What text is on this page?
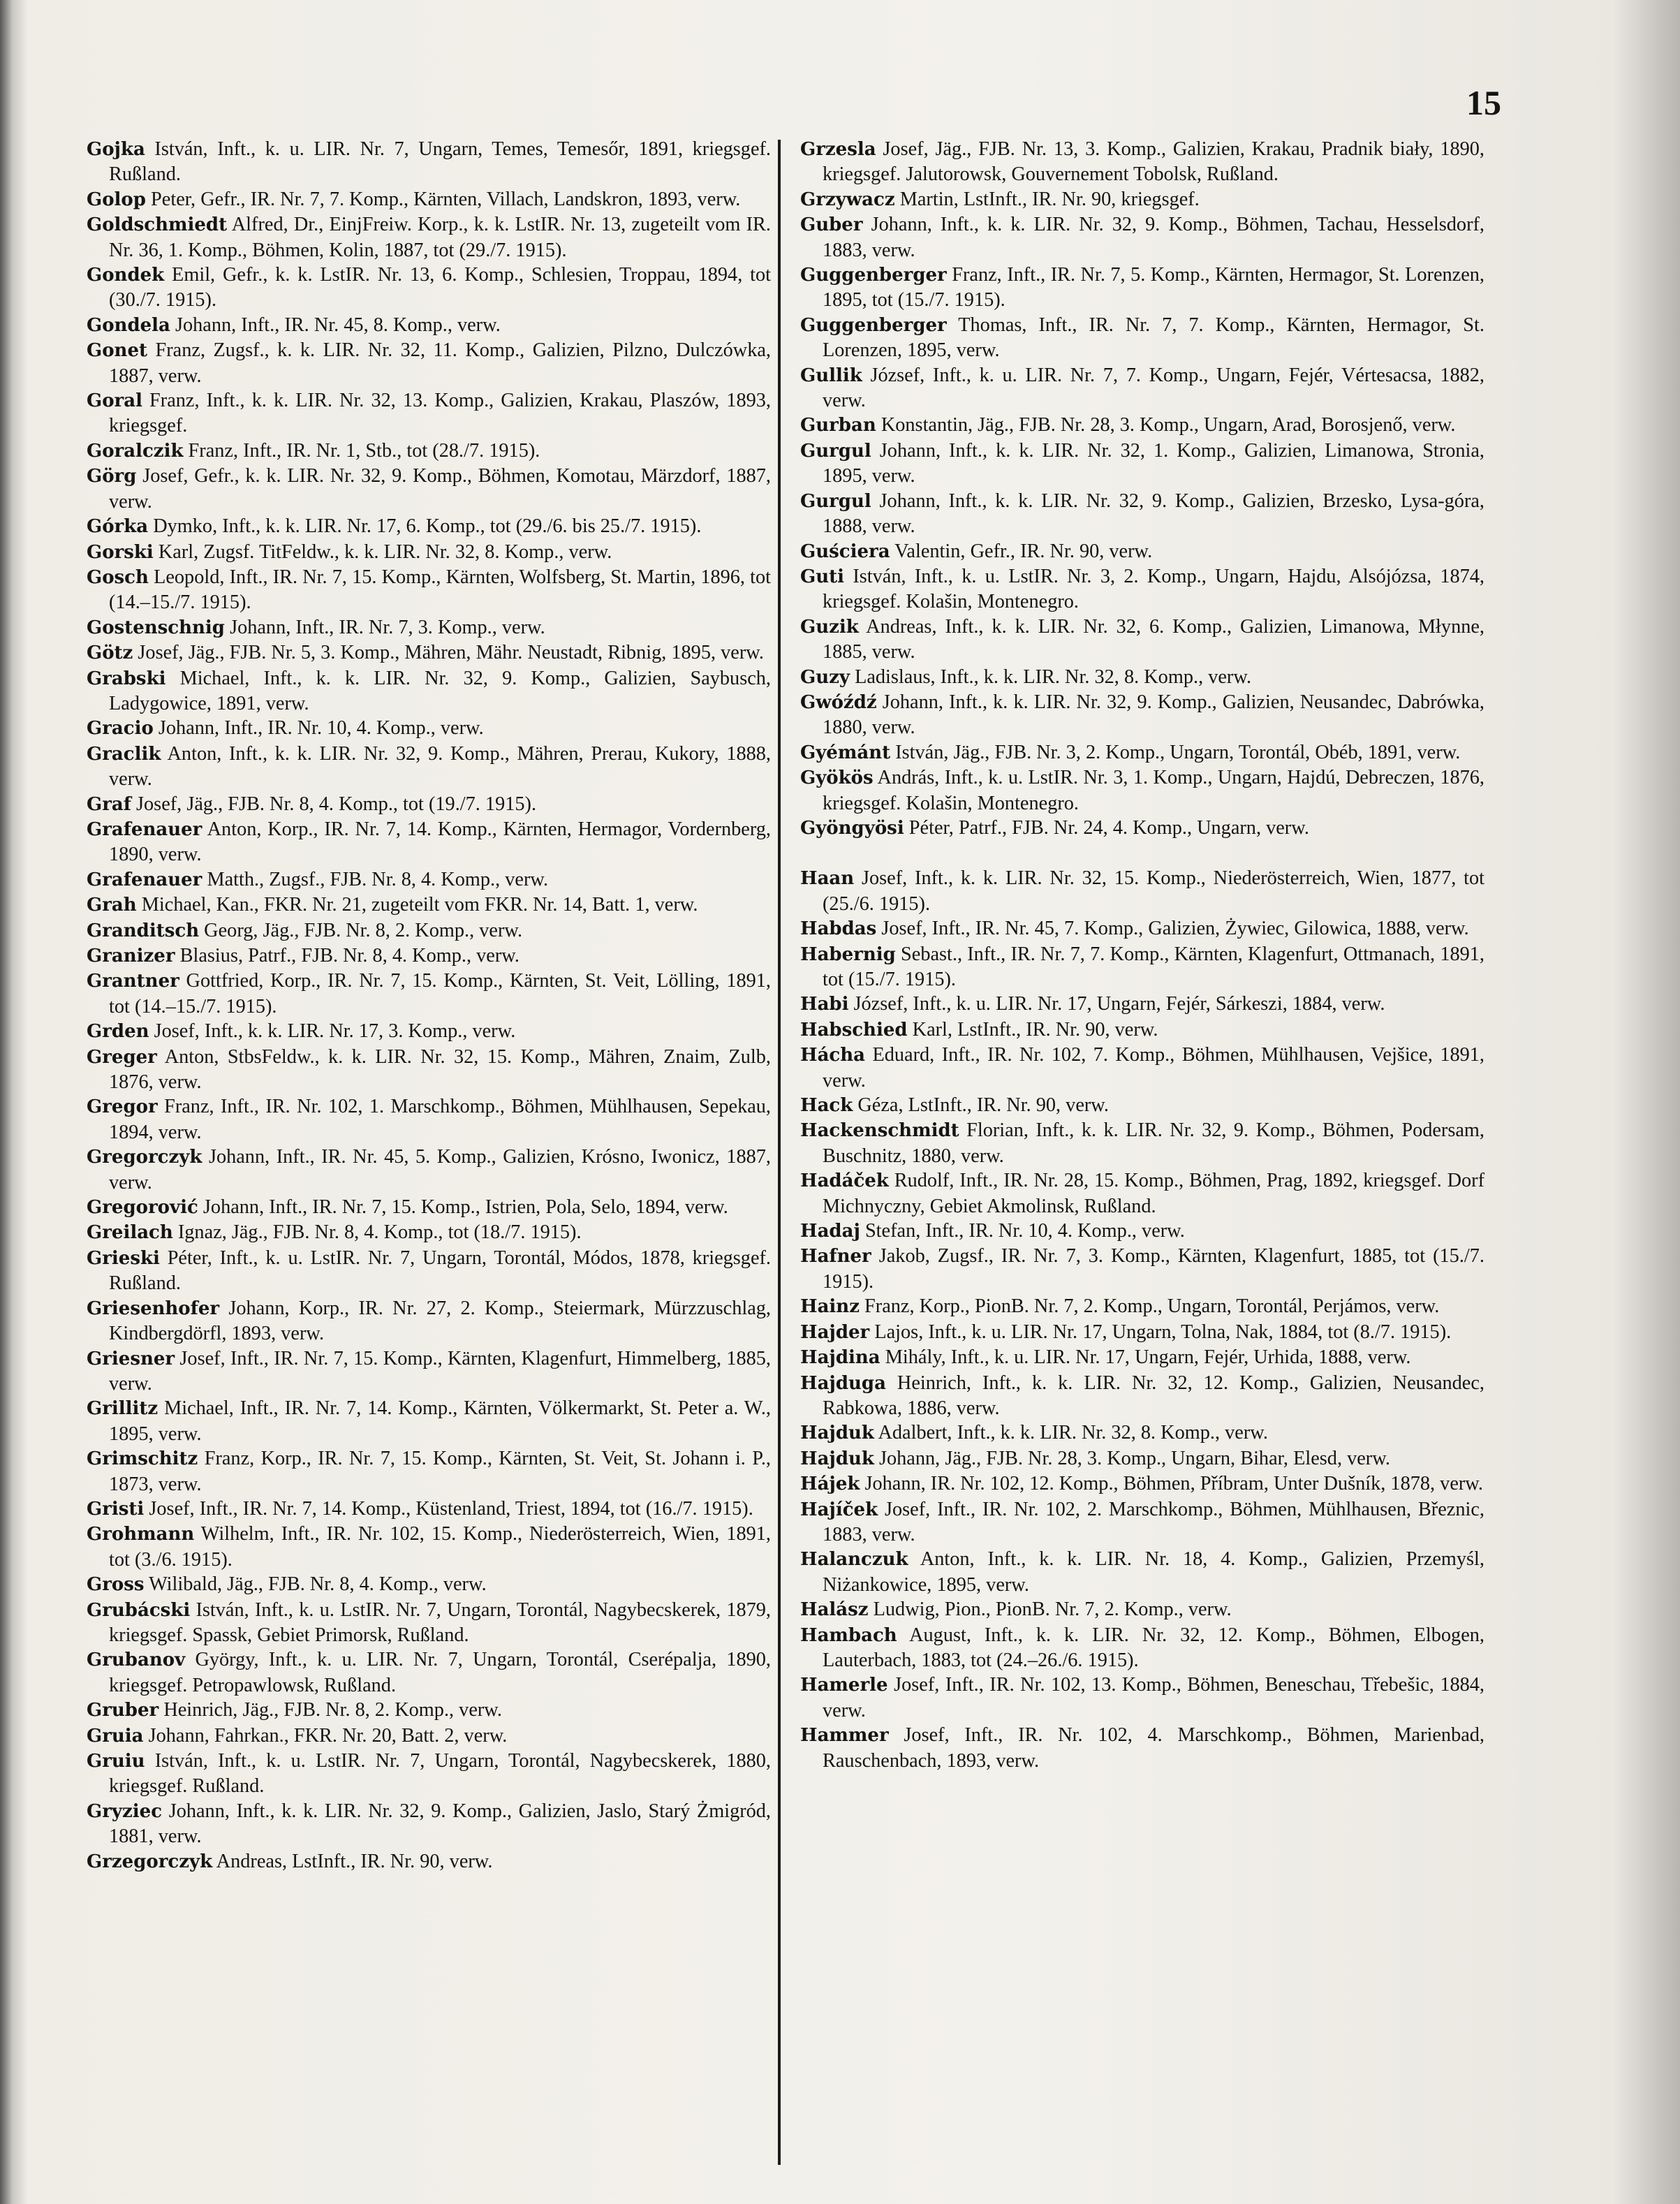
15

Gojka István, Inft., k. u. LIR. Nr. 7, Ungarn, Temes, Temesőr, 1891, kriegsgef. Rußland.

Golop Peter, Gefr., IR. Nr. 7, 7. Komp., Kärnten, Villach, Landskron, 1893, verw.

Goldschmiedt Alfred, Dr., EinjFreiw. Korp., k. k. LstIR. Nr. 13, zugeteilt vom IR. Nr. 36, 1. Komp., Böhmen, Kolin, 1887, tot (29./7. 1915).

Gondek Emil, Gefr., k. k. LstIR. Nr. 13, 6. Komp., Schlesien, Troppau, 1894, tot (30./7. 1915).

Gondela Johann, Inft., IR. Nr. 45, 8. Komp., verw.

Gonet Franz, Zugsf., k. k. LIR. Nr. 32, 11. Komp., Galizien, Pilzno, Dulczówka, 1887, verw.

Goral Franz, Inft., k. k. LIR. Nr. 32, 13. Komp., Galizien, Krakau, Plaszów, 1893, kriegsgef.

Goralczik Franz, Inft., IR. Nr. 1, Stb., tot (28./7. 1915).

Görg Josef, Gefr., k. k. LIR. Nr. 32, 9. Komp., Böhmen, Komotau, Märzdorf, 1887, verw.

Górka Dymko, Inft., k. k. LIR. Nr. 17, 6. Komp., tot (29./6. bis 25./7. 1915).

Gorski Karl, Zugsf. TitFeldw., k. k. LIR. Nr. 32, 8. Komp., verw.

Gosch Leopold, Inft., IR. Nr. 7, 15. Komp., Kärnten, Wolfsberg, St. Martin, 1896, tot (14.–15./7. 1915).

Gostenschnig Johann, Inft., IR. Nr. 7, 3. Komp., verw.

Götz Josef, Jäg., FJB. Nr. 5, 3. Komp., Mähren, Mähr. Neustadt, Ribnig, 1895, verw.

Grabski Michael, Inft., k. k. LIR. Nr. 32, 9. Komp., Galizien, Saybusch, Ladygowice, 1891, verw.

Gracio Johann, Inft., IR. Nr. 10, 4. Komp., verw.

Graclik Anton, Inft., k. k. LIR. Nr. 32, 9. Komp., Mähren, Prerau, Kukory, 1888, verw.

Graf Josef, Jäg., FJB. Nr. 8, 4. Komp., tot (19./7. 1915).

Grafenauer Anton, Korp., IR. Nr. 7, 14. Komp., Kärnten, Hermagor, Vordernberg, 1890, verw.

Grafenauer Matth., Zugsf., FJB. Nr. 8, 4. Komp., verw.

Grah Michael, Kan., FKR. Nr. 21, zugeteilt vom FKR. Nr. 14, Batt. 1, verw.

Granditsch Georg, Jäg., FJB. Nr. 8, 2. Komp., verw.

Granizer Blasius, Patrf., FJB. Nr. 8, 4. Komp., verw.

Grantner Gottfried, Korp., IR. Nr. 7, 15. Komp., Kärnten, St. Veit, Lölling, 1891, tot (14.–15./7. 1915).

Grden Josef, Inft., k. k. LIR. Nr. 17, 3. Komp., verw.

Greger Anton, StbsFeldw., k. k. LIR. Nr. 32, 15. Komp., Mähren, Znaim, Zulb, 1876, verw.

Gregor Franz, Inft., IR. Nr. 102, 1. Marschkomp., Böhmen, Mühlhausen, Sepekau, 1894, verw.

Gregorczyk Johann, Inft., IR. Nr. 45, 5. Komp., Galizien, Krósno, Iwonicz, 1887, verw.

Gregorović Johann, Inft., IR. Nr. 7, 15. Komp., Istrien, Pola, Selo, 1894, verw.

Greilach Ignaz, Jäg., FJB. Nr. 8, 4. Komp., tot (18./7. 1915).

Grieski Péter, Inft., k. u. LstIR. Nr. 7, Ungarn, Torontál, Módos, 1878, kriegsgef. Rußland.

Griesenhofer Johann, Korp., IR. Nr. 27, 2. Komp., Steiermark, Mürzzuschlag, Kindbergdörfl, 1893, verw.

Griesner Josef, Inft., IR. Nr. 7, 15. Komp., Kärnten, Klagenfurt, Himmelberg, 1885, verw.

Grillitz Michael, Inft., IR. Nr. 7, 14. Komp., Kärnten, Völkermarkt, St. Peter a. W., 1895, verw.

Grimschitz Franz, Korp., IR. Nr. 7, 15. Komp., Kärnten, St. Veit, St. Johann i. P., 1873, verw.

Gristi Josef, Inft., IR. Nr. 7, 14. Komp., Küstenland, Triest, 1894, tot (16./7. 1915).

Grohmann Wilhelm, Inft., IR. Nr. 102, 15. Komp., Niederösterreich, Wien, 1891, tot (3./6. 1915).

Gross Wilibald, Jäg., FJB. Nr. 8, 4. Komp., verw.

Grubácski István, Inft., k. u. LstIR. Nr. 7, Ungarn, Torontál, Nagybecskerek, 1879, kriegsgef. Spassk, Gebiet Primorsk, Rußland.

Grubanov György, Inft., k. u. LIR. Nr. 7, Ungarn, Torontál, Cserépalja, 1890, kriegsgef. Petropawlowsk, Rußland.

Gruber Heinrich, Jäg., FJB. Nr. 8, 2. Komp., verw.

Gruia Johann, Fahrkan., FKR. Nr. 20, Batt. 2, verw.

Gruiu István, Inft., k. u. LstIR. Nr. 7, Ungarn, Torontál, Nagybecskerek, 1880, kriegsgef. Rußland.

Gryziec Johann, Inft., k. k. LIR. Nr. 32, 9. Komp., Galizien, Jaslo, Starý Żmigród, 1881, verw.

Grzegorczyk Andreas, LstInft., IR. Nr. 90, verw.

Grzesla Josef, Jäg., FJB. Nr. 13, 3. Komp., Galizien, Krakau, Pradnik biały, 1890, kriegsgef. Jalutorowsk, Gouvernement Tobolsk, Rußland.

Grzywacz Martin, LstInft., IR. Nr. 90, kriegsgef.

Guber Johann, Inft., k. k. LIR. Nr. 32, 9. Komp., Böhmen, Tachau, Hesselsdorf, 1883, verw.

Guggenberger Franz, Inft., IR. Nr. 7, 5. Komp., Kärnten, Hermagor, St. Lorenzen, 1895, tot (15./7. 1915).

Guggenberger Thomas, Inft., IR. Nr. 7, 7. Komp., Kärnten, Hermagor, St. Lorenzen, 1895, verw.

Gullik József, Inft., k. u. LIR. Nr. 7, 7. Komp., Ungarn, Fejér, Vértesacsa, 1882, verw.

Gurban Konstantin, Jäg., FJB. Nr. 28, 3. Komp., Ungarn, Arad, Borosjenő, verw.

Gurgul Johann, Inft., k. k. LIR. Nr. 32, 1. Komp., Galizien, Limanowa, Stronia, 1895, verw.

Gurgul Johann, Inft., k. k. LIR. Nr. 32, 9. Komp., Galizien, Brzesko, Lysa-góra, 1888, verw.

Guściera Valentin, Gefr., IR. Nr. 90, verw.

Guti István, Inft., k. u. LstIR. Nr. 3, 2. Komp., Ungarn, Hajdu, Alsójózsa, 1874, kriegsgef. Kolašin, Montenegro.

Guzik Andreas, Inft., k. k. LIR. Nr. 32, 6. Komp., Galizien, Limanowa, Młynne, 1885, verw.

Guzy Ladislaus, Inft., k. k. LIR. Nr. 32, 8. Komp., verw.

Gwóźdź Johann, Inft., k. k. LIR. Nr. 32, 9. Komp., Galizien, Neusandec, Dabrówka, 1880, verw.

Gyémánt István, Jäg., FJB. Nr. 3, 2. Komp., Ungarn, Torontál, Obéb, 1891, verw.

Gyökös András, Inft., k. u. LstIR. Nr. 3, 1. Komp., Ungarn, Hajdú, Debreczen, 1876, kriegsgef. Kolašin, Montenegro.

Gyöngyösi Péter, Patrf., FJB. Nr. 24, 4. Komp., Ungarn, verw.

Haan Josef, Inft., k. k. LIR. Nr. 32, 15. Komp., Niederösterreich, Wien, 1877, tot (25./6. 1915).

Habdas Josef, Inft., IR. Nr. 45, 7. Komp., Galizien, Żywiec, Gilowica, 1888, verw.

Habernig Sebast., Inft., IR. Nr. 7, 7. Komp., Kärnten, Klagenfurt, Ottmanach, 1891, tot (15./7. 1915).

Habi József, Inft., k. u. LIR. Nr. 17, Ungarn, Fejér, Sárkeszi, 1884, verw.

Habschied Karl, LstInft., IR. Nr. 90, verw.

Hácha Eduard, Inft., IR. Nr. 102, 7. Komp., Böhmen, Mühlhausen, Vejšice, 1891, verw.

Hack Géza, LstInft., IR. Nr. 90, verw.

Hackenschmidt Florian, Inft., k. k. LIR. Nr. 32, 9. Komp., Böhmen, Podersam, Buschnitz, 1880, verw.

Hadáček Rudolf, Inft., IR. Nr. 28, 15. Komp., Böhmen, Prag, 1892, kriegsgef. Dorf Michnyczny, Gebiet Akmolinsk, Rußland.

Hadaj Stefan, Inft., IR. Nr. 10, 4. Komp., verw.

Hafner Jakob, Zugsf., IR. Nr. 7, 3. Komp., Kärnten, Klagenfurt, 1885, tot (15./7. 1915).

Hainz Franz, Korp., PionB. Nr. 7, 2. Komp., Ungarn, Torontál, Perjámos, verw.

Hajder Lajos, Inft., k. u. LIR. Nr. 17, Ungarn, Tolna, Nak, 1884, tot (8./7. 1915).

Hajdina Mihály, Inft., k. u. LIR. Nr. 17, Ungarn, Fejér, Urhida, 1888, verw.

Hajduga Heinrich, Inft., k. k. LIR. Nr. 32, 12. Komp., Galizien, Neusandec, Rabkowa, 1886, verw.

Hajduk Adalbert, Inft., k. k. LIR. Nr. 32, 8. Komp., verw.

Hajduk Johann, Jäg., FJB. Nr. 28, 3. Komp., Ungarn, Bihar, Elesd, verw.

Hájek Johann, IR. Nr. 102, 12. Komp., Böhmen, Příbram, Unter Dušník, 1878, verw.

Hajíček Josef, Inft., IR. Nr. 102, 2. Marschkomp., Böhmen, Mühlhausen, Březnic, 1883, verw.

Halanczuk Anton, Inft., k. k. LIR. Nr. 18, 4. Komp., Galizien, Przemyśl, Niżankowice, 1895, verw.

Halász Ludwig, Pion., PionB. Nr. 7, 2. Komp., verw.

Hambach August, Inft., k. k. LIR. Nr. 32, 12. Komp., Böhmen, Elbogen, Lauterbach, 1883, tot (24.–26./6. 1915).

Hamerle Josef, Inft., IR. Nr. 102, 13. Komp., Böhmen, Beneschau, Třebešic, 1884, verw.

Hammer Josef, Inft., IR. Nr. 102, 4. Marschkomp., Böhmen, Marienbad, Rauschenbach, 1893, verw.
